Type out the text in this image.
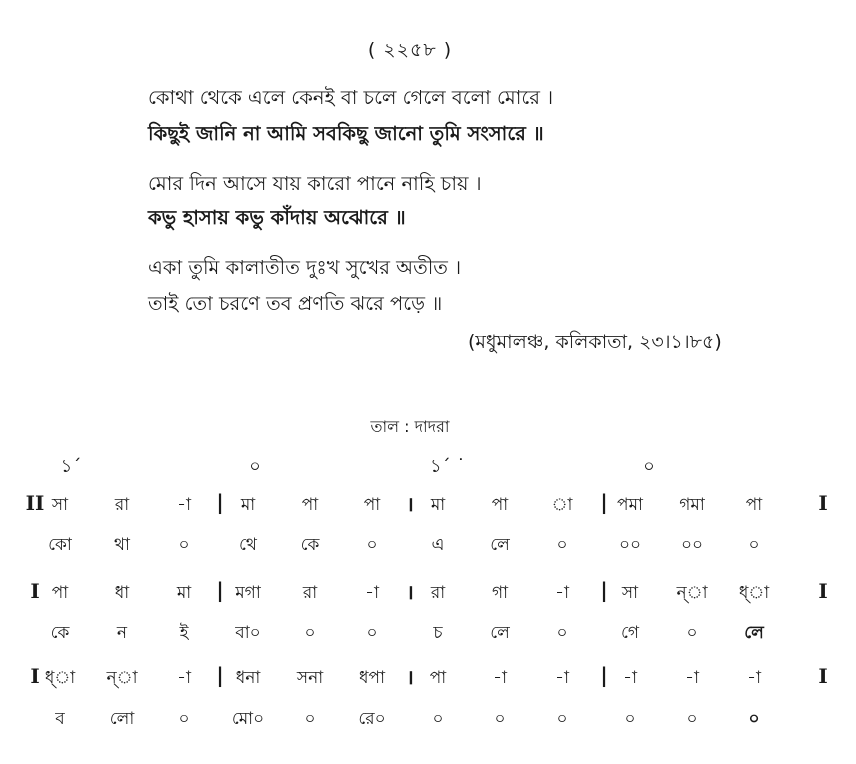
( ২২৫৮ )
কোথা থেকে এলে কেনই বা চলে গেলে বলো মোরে ।
কিছুই জানি না আমি সবকিছু জানো তুমি সংসারে ॥
মোর দিন আসে যায় কারো পানে নাহি চায় ।
কভু হাসায় কভু কাঁদায় অঝোরে ॥
একা তুমি কালাতীত দুঃখ সুখের অতীত ।
তাই তো চরণে তব প্রণতি ঝরে পড়ে ॥
(মধুমালঞ্চ, কলিকাতা, ২৩।১।৮৫)
তাল : দাদরা
১´	০	১´ ˙	০
II	I
সা	রা	-া	মা	পা	পা	মা	পা	া	পমা	গমা	পা
কো	থা	০	থে	কে	০	এ	লে	০	০০	০০	০
|	।	|
I	I
পা	ধা	মা	মগা	রা	-া	রা	গা	-া	সা	ন্‌া	ধ্‌া
কে	ন	ই	বা০	০	০	চ	লে	০	গে	০	লে
|	।	|
I	I
ধ্‌া	ন্‌া	-া	ধনা	সনা	ধপা	পা	-া	-া	-া	-া	-া
ব	লো	০	মো০	০	রে০	০	০	০	০	০	০
|	।	|
